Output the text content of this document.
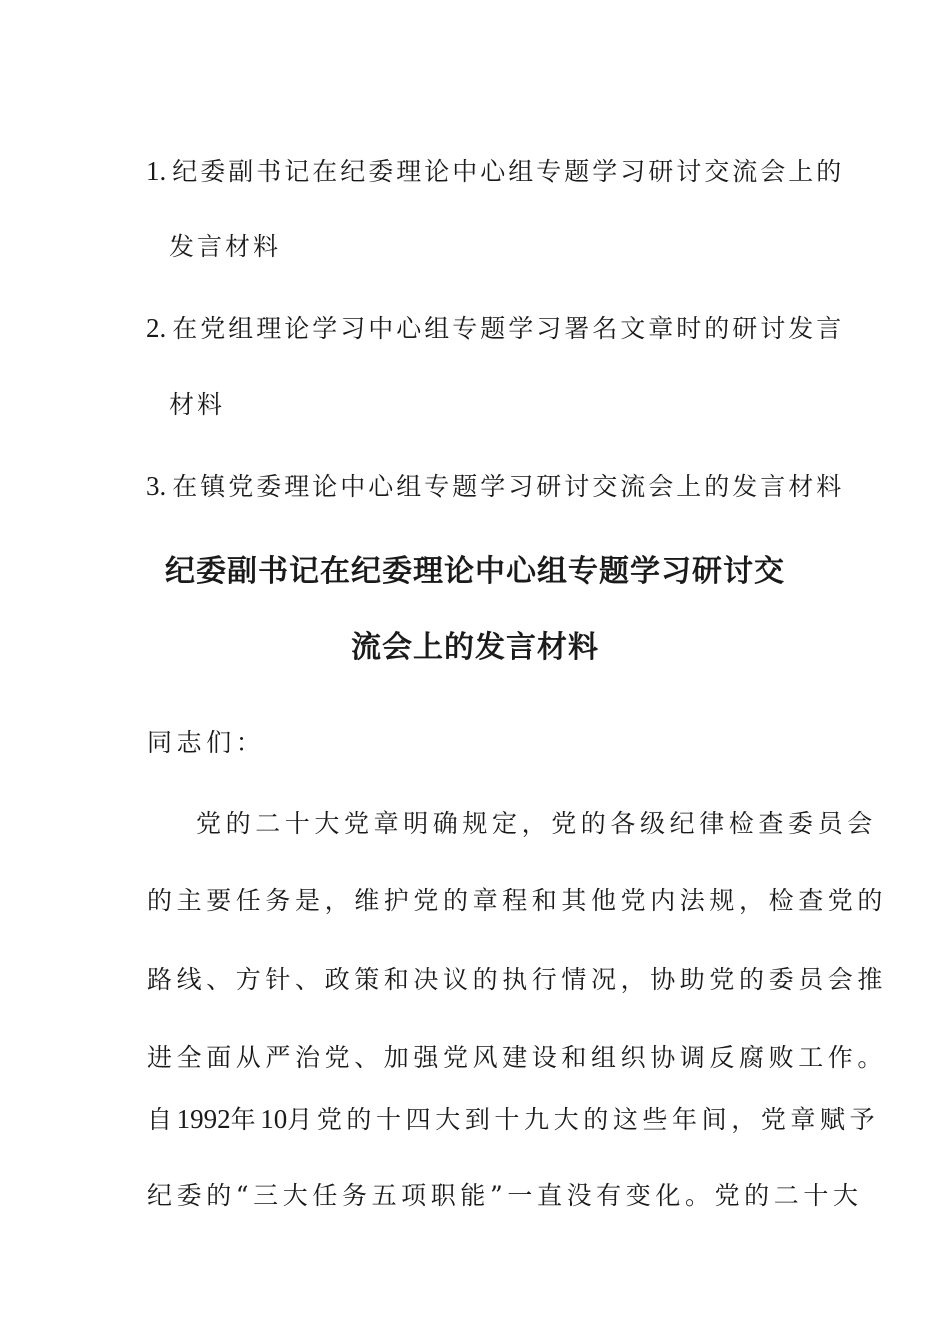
1. 纪委副书记在纪委理论中心组专题学习研讨交流会上的
发言材料
2. 在党组理论学习中心组专题学习署名文章时的研讨发言
材料
3. 在镇党委理论中心组专题学习研讨交流会上的发言材料
纪委副书记在纪委理论中心组专题学习研讨交
流会上的发言材料
同志们：
党的二十大党章明确规定，党的各级纪律检查委员会
的主要任务是，维护党的章程和其他党内法规，检查党的
路线、方针、政策和决议的执行情况，协助党的委员会推
进全面从严治党、加强党风建设和组织协调反腐败工作。
自1992年10月党的十四大到十九大的这些年间，党章赋予
纪委的“三大任务五项职能”一直没有变化。党的二十大
